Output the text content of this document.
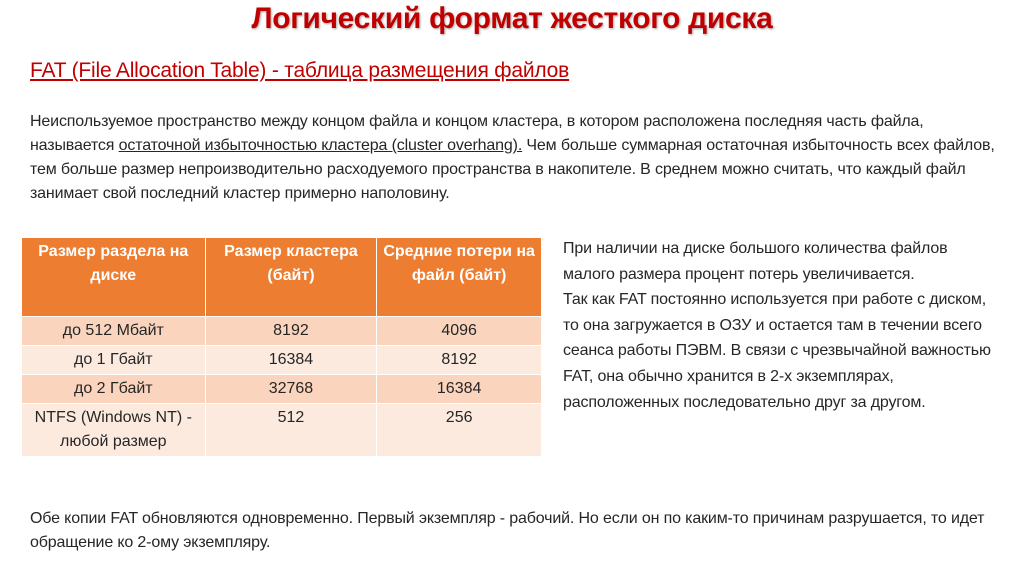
Логический формат жесткого диска
FAT (File Allocation Table) - таблица размещения файлов
Неиспользуемое пространство между концом файла и концом кластера, в котором расположена последняя часть файла, называется остаточной избыточностью кластера (cluster overhang). Чем больше суммарная остаточная избыточность всех файлов, тем больше размер непроизводительно расходуемого пространства в накопителе. В среднем можно считать, что каждый файл занимает свой последний кластер примерно наполовину.
Размер раздела на диске	Размер кластера (байт)	Средние потери на файл (байт)
до 512 Мбайт	8192	4096
до 1 Гбайт	16384	8192
до 2 Гбайт	32768	16384
NTFS (Windows NT) - любой размер	512	256

При наличии на диске большого количества файлов малого размера процент потерь увеличивается.

Так как FAT постоянно используется при работе с диском, то она загружается в ОЗУ и остается там в течении всего сеанса работы ПЭВМ. В связи с чрезвычайной важностью FAT, она обычно хранится в 2-х экземплярах, расположенных последовательно друг за другом.

Обе копии FAT обновляются одновременно. Первый экземпляр - рабочий. Но если он по каким-то причинам разрушается, то идет обращение ко 2-ому экземпляру.
